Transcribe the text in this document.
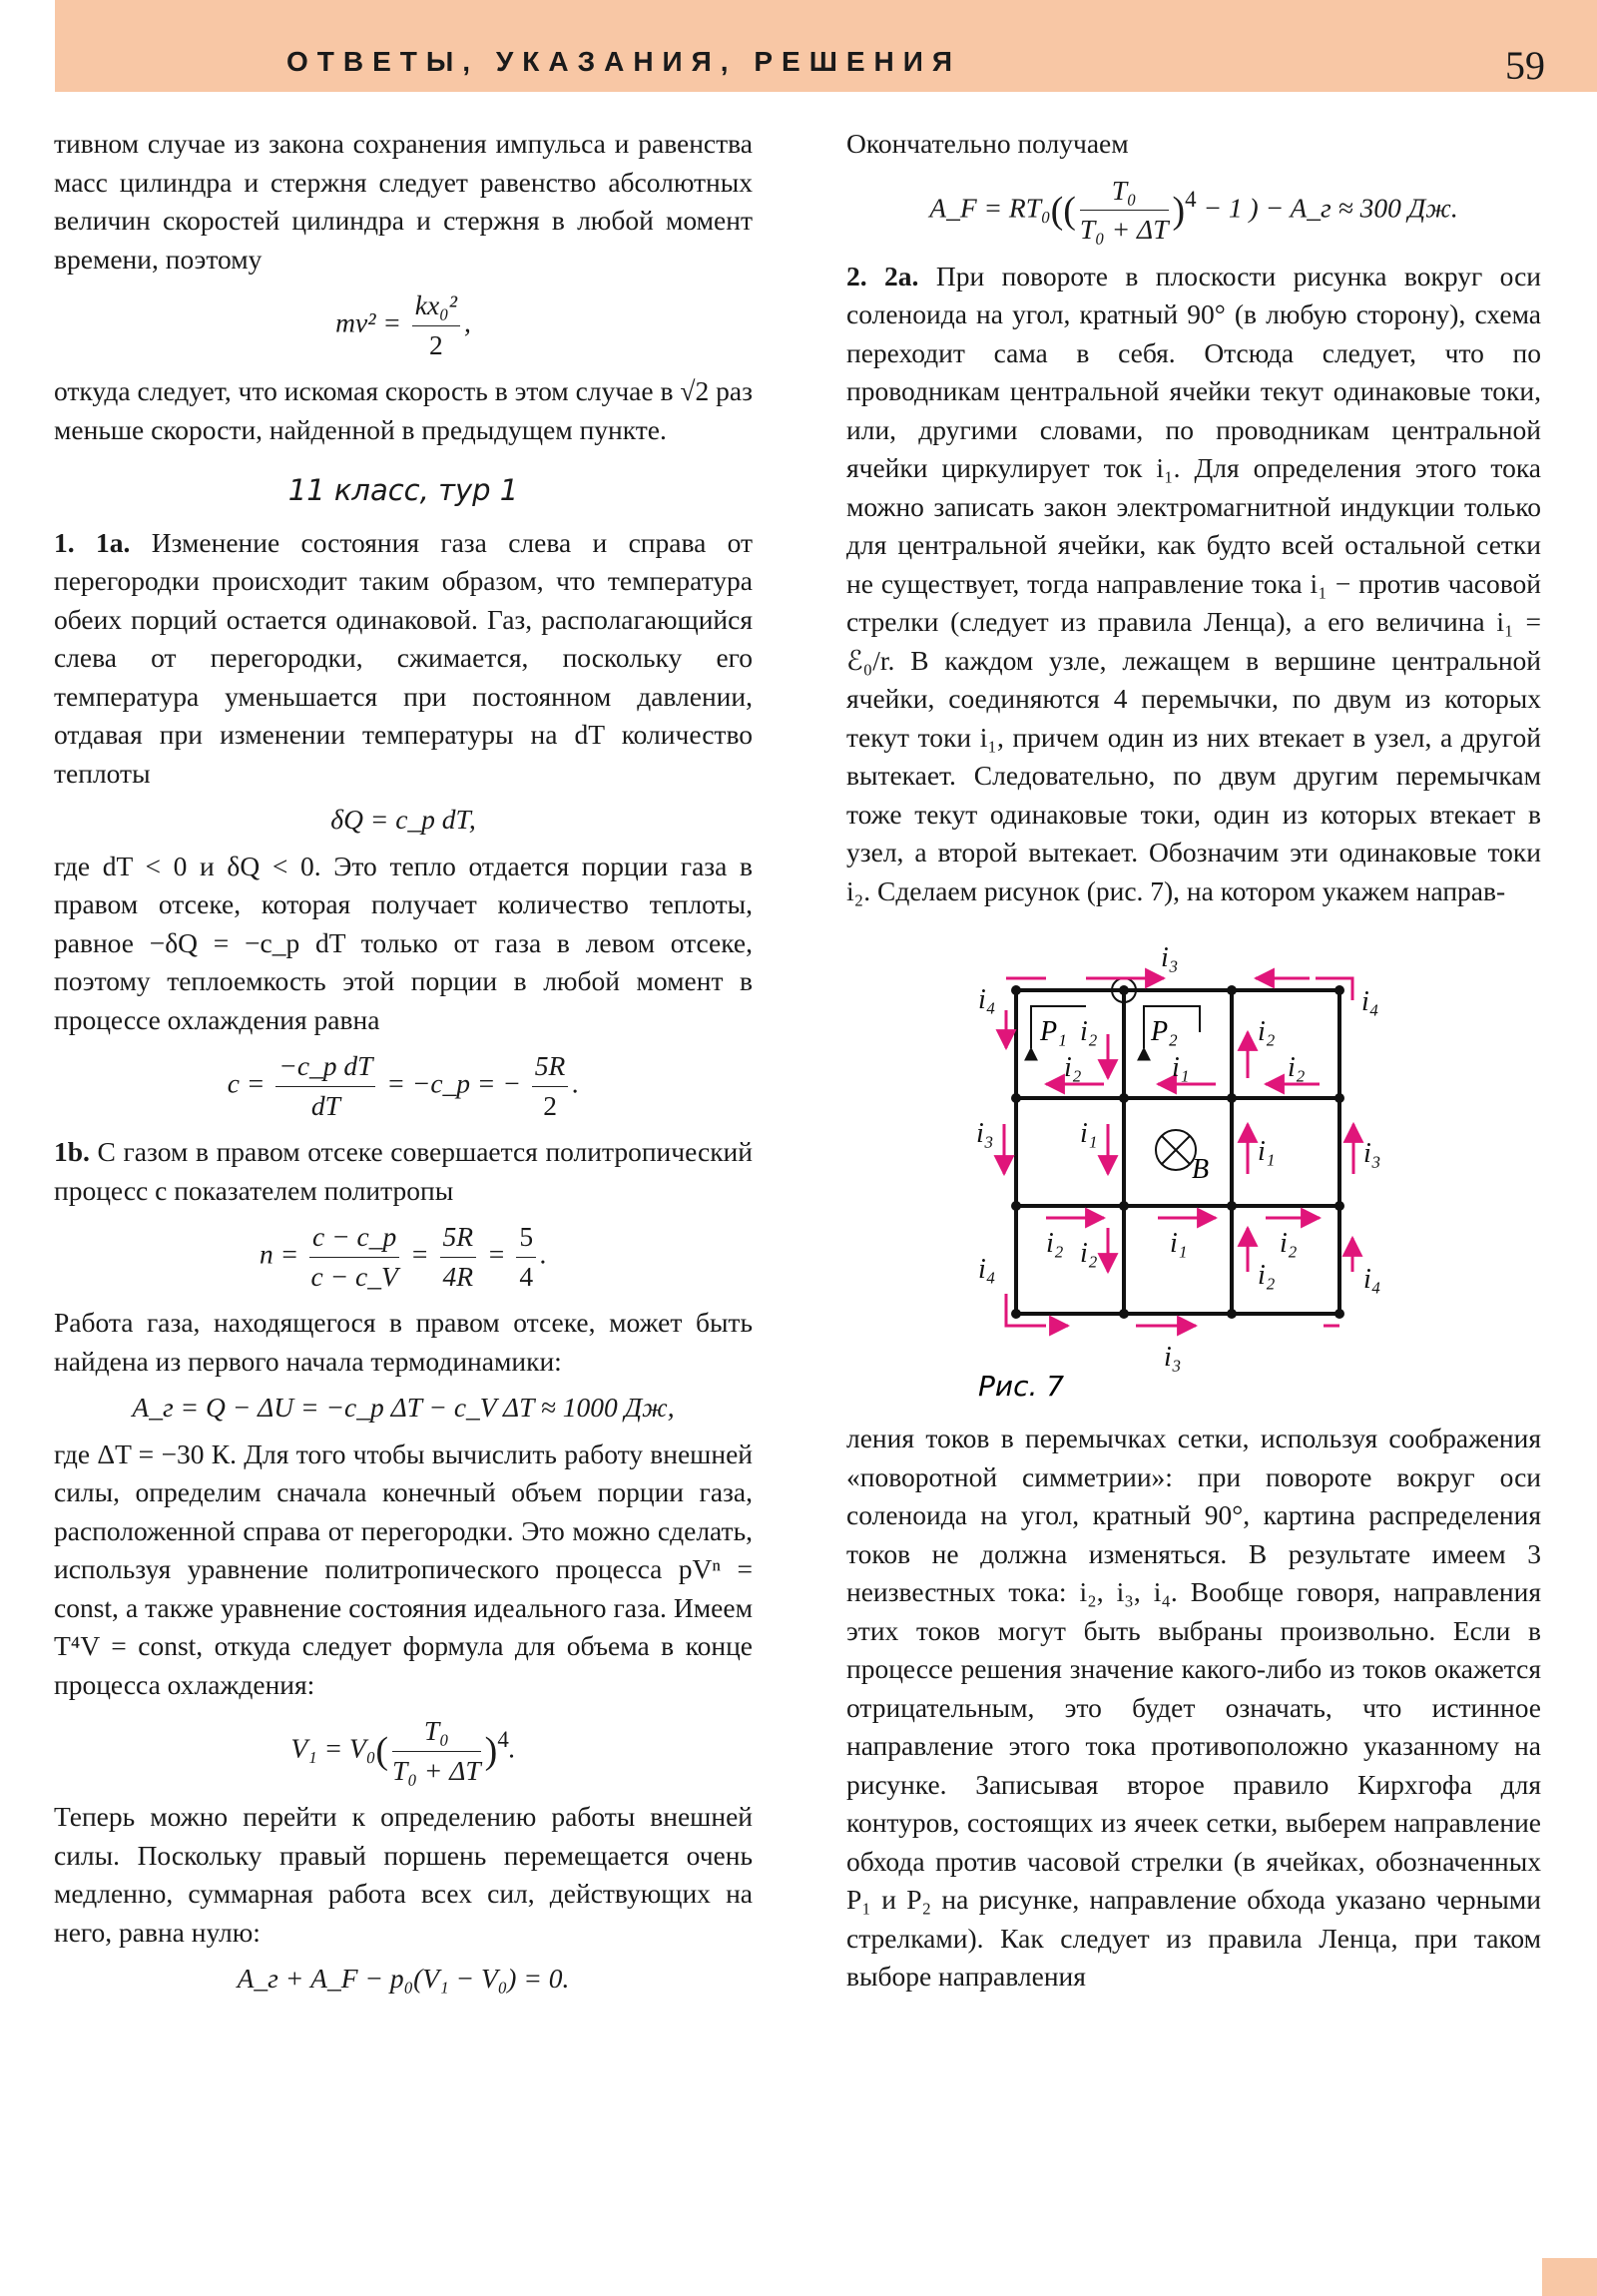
ОТВЕТЫ, УКАЗАНИЯ, РЕШЕНИЯ	59

тивном случае из закона сохранения импульса и равенства масс цилиндра и стержня следует равенство абсолютных величин скоростей цилиндра и стержня в любой момент времени, поэтому

$mv^2 = \frac{\text{kx₀²}}{2}$ ,

откуда следует, что искомая скорость в этом случае в √2 раз меньше скорости, найденной в предыдущем пункте.

11 класс, тур 1

1. 1а. Изменение состояния газа слева и справа от перегородки происходит таким образом, что температура обеих порций остается одинаковой. Газ, располагающийся слева от перегородки, сжимается, поскольку его температура уменьшается при постоянном давлении, отдавая при изменении температуры на dT количество теплоты

δQ = c_p dT,

где dT < 0 и δQ < 0. Это тепло отдается порции газа в правом отсеке, которая получает количество теплоты, равное −δQ = −c_p dT только от газа в левом отсеке, поэтому теплоемкость этой порции в любой момент в процессе охлаждения равна

$c = \frac{\text{−c\_p dT}}{dT}$ = −c_p = − $\frac{5R}{2}$ .

1b. С газом в правом отсеке совершается политропический процесс с показателем политропы

$n = \frac{c - c\_p}{c - c\_V} = \frac{5R}{4R} = \frac{5}{4}$ .

Работа газа, находящегося в правом отсеке, может быть найдена из первого начала термодинамики:

A_г = Q − ΔU = −c_p ΔT − c_V ΔT ≈ 1000 Дж,

где ΔT = −30 К. Для того чтобы вычислить работу внешней силы, определим сначала конечный объем порции газа, расположенной справа от перегородки. Это можно сделать, используя уравнение политропического процесса pVⁿ = const, а также уравнение состояния идеального газа. Имеем T⁴V = const, откуда следует формула для объема в конце процесса охлаждения:

$V_1 = V_0( \frac{\text{T₀}}{\text{T₀ + ΔT}} )^4$.

Теперь можно перейти к определению работы внешней силы. Поскольку правый поршень перемещается очень медленно, суммарная работа всех сил, действующих на него, равна нулю:

A_г + A_F − p₀(V₁ − V₀) = 0.

Окончательно получаем

A_F = $RT_0(( \frac{\text{T₀}}{\text{T₀ + ΔT}} )^4 - 1$ ) − A_г ≈ 300 Дж.

2. 2а. При повороте в плоскости рисунка вокруг оси соленоида на угол, кратный 90° (в любую сторону), схема переходит сама в себя. Отсюда следует, что по проводникам центральной ячейки текут одинаковые токи, или, другими словами, по проводникам центральной ячейки циркулирует ток i₁. Для определения этого тока можно записать закон электромагнитной индукции только для центральной ячейки, как будто всей остальной сетки не существует, тогда направление тока i₁ − против часовой стрелки (следует из правила Ленца), а его величина i₁ = ℰ₀/r. В каждом узле, лежащем в вершине центральной ячейки, соединяются 4 перемычки, по двум из которых текут токи i₁, причем один из них втекает в узел, а другой вытекает. Следовательно, по двум другим перемычкам тоже текут одинаковые токи, один из которых втекает в узел, а второй вытекает. Обозначим эти одинаковые токи i₂. Сделаем рисунок (рис. 7), на котором укажем направ-

B
P₁	P₂
i₃
i₄	i₄
i₂	i₂
i₂	i₁	i₂
i₃	i₁
i₁	i₃
i₂ i₂	i₁	i₂
i₂
i₄	i₄
i₃
Рис. 7

ления токов в перемычках сетки, используя соображения «поворотной симметрии»: при повороте вокруг оси соленоида на угол, кратный 90°, картина распределения токов не должна изменяться. В результате имеем 3 неизвестных тока: i₂, i₃, i₄. Вообще говоря, направления этих токов могут быть выбраны произвольно. Если в процессе решения значение какого-либо из токов окажется отрицательным, это будет означать, что истинное направление этого тока противоположно указанному на рисунке. Записывая второе правило Кирхгофа для контуров, состоящих из ячеек сетки, выберем направление обхода против часовой стрелки (в ячейках, обозначенных P₁ и P₂ на рисунке, направление обхода указано черными стрелками). Как следует из правила Ленца, при таком выборе направления
